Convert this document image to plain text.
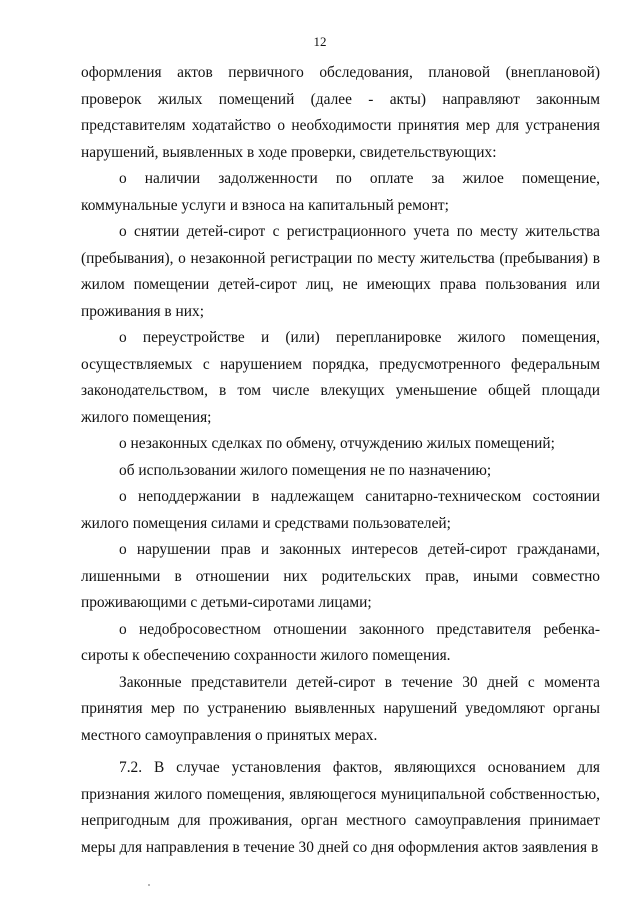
12

оформления актов первичного обследования, плановой (внеплановой) проверок жилых помещений (далее - акты) направляют законным представителям ходатайство о необходимости принятия мер для устранения нарушений, выявленных в ходе проверки, свидетельствующих:

о наличии задолженности по оплате за жилое помещение, коммунальные услуги и взноса на капитальный ремонт;

о снятии детей-сирот с регистрационного учета по месту жительства (пребывания), о незаконной регистрации по месту жительства (пребывания) в жилом помещении детей-сирот лиц, не имеющих права пользования или проживания в них;

о переустройстве и (или) перепланировке жилого помещения, осуществляемых с нарушением порядка, предусмотренного федеральным законодательством, в том числе влекущих уменьшение общей площади жилого помещения;

о незаконных сделках по обмену, отчуждению жилых помещений;

об использовании жилого помещения не по назначению;

о неподдержании в надлежащем санитарно-техническом состоянии жилого помещения силами и средствами пользователей;

о нарушении прав и законных интересов детей-сирот гражданами, лишенными в отношении них родительских прав, иными совместно проживающими с детьми-сиротами лицами;

о недобросовестном отношении законного представителя ребенка-сироты к обеспечению сохранности жилого помещения.

Законные представители детей-сирот в течение 30 дней с момента принятия мер по устранению выявленных нарушений уведомляют органы местного самоуправления о принятых мерах.

7.2. В случае установления фактов, являющихся основанием для признания жилого помещения, являющегося муниципальной собственностью, непригодным для проживания, орган местного самоуправления принимает меры для направления в течение 30 дней со дня оформления актов заявления в
